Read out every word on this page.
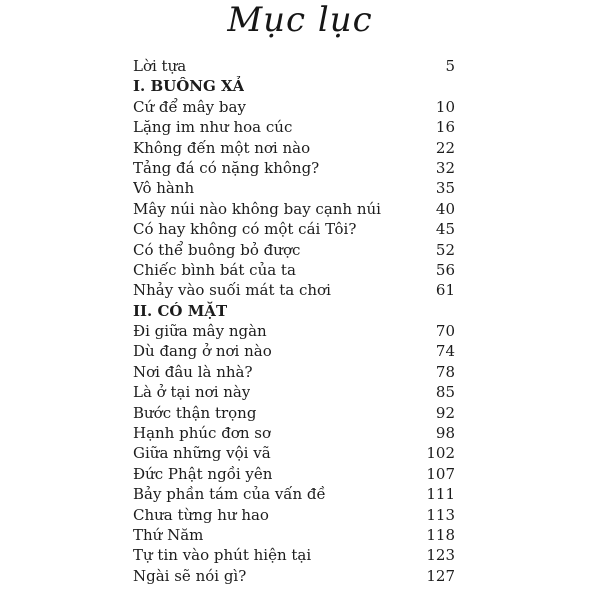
Mục lục
Lời tựa	5
I. BUÔNG XẢ
Cứ để mây bay	10
Lặng im như hoa cúc	16
Không đến một nơi nào	22
Tảng đá có nặng không?	32
Vô hành	35
Mây núi nào không bay cạnh núi	40
Có hay không có một cái Tôi?	45
Có thể buông bỏ được	52
Chiếc bình bát của ta	56
Nhảy vào suối mát ta chơi	61
II. CÓ MẶT
Đi giữa mây ngàn	70
Dù đang ở nơi nào	74
Nơi đâu là nhà?	78
Là ở tại nơi này	85
Bước thận trọng	92
Hạnh phúc đơn sơ	98
Giữa những vội vã	102
Đức Phật ngồi yên	107
Bảy phần tám của vấn đề	111
Chưa từng hư hao	113
Thứ Năm	118
Tự tin vào phút hiện tại	123
Ngài sẽ nói gì?	127
